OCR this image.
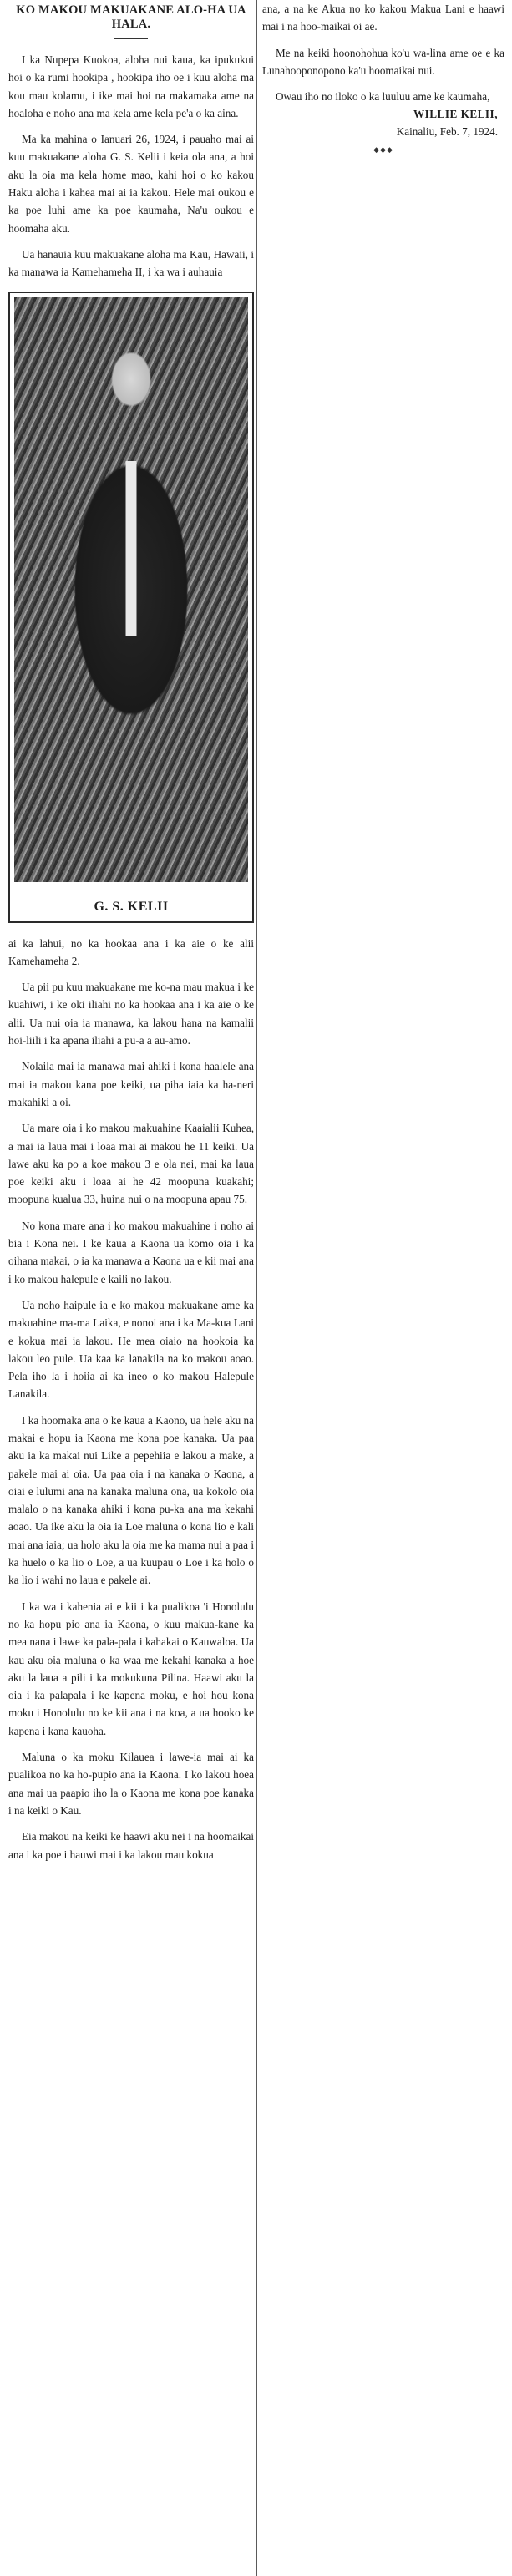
KO MAKOU MAKUAKANE ALO-HA UA HALA.

I ka Nupepa Kuokoa, aloha nui kaua, ka ipukukui hoi o ka rumi hookipa , hookipa iho oe i kuu aloha ma kou mau kolamu, i ike mai hoi na makamaka ame na hoaloha e noho ana ma kela ame kela pe'a o ka aina.

Ma ka mahina o Ianuari 26, 1924, i pauaho mai ai kuu makuakane aloha G. S. Kelii i keia ola ana, a hoi aku la oia ma kela home mao, kahi hoi o ko kakou Haku aloha i kahea mai ai ia kakou. Hele mai oukou e ka poe luhi ame ka poe kaumaha, Na'u oukou e hoomaha aku.

Ua hanauia kuu makuakane aloha ma Kau, Hawaii, i ka manawa ia Kamehameha II, i ka wa i auhauia

G. S. KELII

ai ka lahui, no ka hookaa ana i ka aie o ke alii Kamehameha 2.

Ua pii pu kuu makuakane me ko-na mau makua i ke kuahiwi, i ke oki iliahi no ka hookaa ana i ka aie o ke alii. Ua nui oia ia manawa, ka lakou hana na kamalii hoi-liili i ka apana iliahi a pu-a a au-amo.

Nolaila mai ia manawa mai ahiki i kona haalele ana mai ia makou kana poe keiki, ua piha iaia ka ha-neri makahiki a oi.

Ua mare oia i ko makou makuahine Kaaialii Kuhea, a mai ia laua mai i loaa mai ai makou he 11 keiki. Ua lawe aku ka po a koe makou 3 e ola nei, mai ka laua poe keiki aku i loaa ai he 42 moopuna kuakahi; moopuna kualua 33, huina nui o na moopuna apau 75.

No kona mare ana i ko makou makuahine i noho ai bia i Kona nei. I ke kaua a Kaona ua komo oia i ka oihana makai, o ia ka manawa a Kaona ua e kii mai ana i ko makou halepule e kaili no lakou.

Ua noho haipule ia e ko makou makuakane ame ka makuahine ma-ma Laika, e nonoi ana i ka Ma-kua Lani e kokua mai ia lakou. He mea oiaio na hookoia ka lakou leo pule. Ua kaa ka lanakila na ko makou aoao. Pela iho la i hoiia ai ka ineo o ko makou Halepule Lanakila.

I ka hoomaka ana o ke kaua a Kaono, ua hele aku na makai e hopu ia Kaona me kona poe kanaka. Ua paa aku ia ka makai nui Like a pepehiia e lakou a make, a pakele mai ai oia. Ua paa oia i na kanaka o Kaona, a oiai e lulumi ana na kanaka maluna ona, ua kokolo oia malalo o na kanaka ahiki i kona pu-ka ana ma kekahi aoao. Ua ike aku la oia ia Loe maluna o kona lio e kali mai ana iaia; ua holo aku la oia me ka mama nui a paa i ka huelo o ka lio o Loe, a ua kuupau o Loe i ka holo o ka lio i wahi no laua e pakele ai.

I ka wa i kahenia ai e kii i ka pualikoa 'i Honolulu no ka hopu pio ana ia Kaona, o kuu makua-kane ka mea nana i lawe ka pala-pala i kahakai o Kauwaloa. Ua kau aku oia maluna o ka waa me kekahi kanaka a hoe aku la laua a pili i ka mokukuna Pilina. Haawi aku la oia i ka palapala i ke kapena moku, e hoi hou kona moku i Honolulu no ke kii ana i na koa, a ua hooko ke kapena i kana kauoha.

Maluna o ka moku Kilauea i lawe-ia mai ai ka pualikoa no ka ho-pupio ana ia Kaona. I ko lakou hoea ana mai ua paapio iho la o Kaona me kona poe kanaka i na keiki o Kau.

Eia makou na keiki ke haawi aku nei i na hoomaikai ana i ka poe i hauwi mai i ka lakou mau kokua

ana, a na ke Akua no ko kakou Makua Lani e haawi mai i na hoo-maikai oi ae.

Me na keiki hoonohohua ko'u wa-lina ame oe e ka Lunahooponopono ka'u hoomaikai nui.

Owau iho no iloko o ka luuluu ame ke kaumaha,

WILLIE KELII,

Kainaliu, Feb. 7, 1924.

——◆◆◆——
